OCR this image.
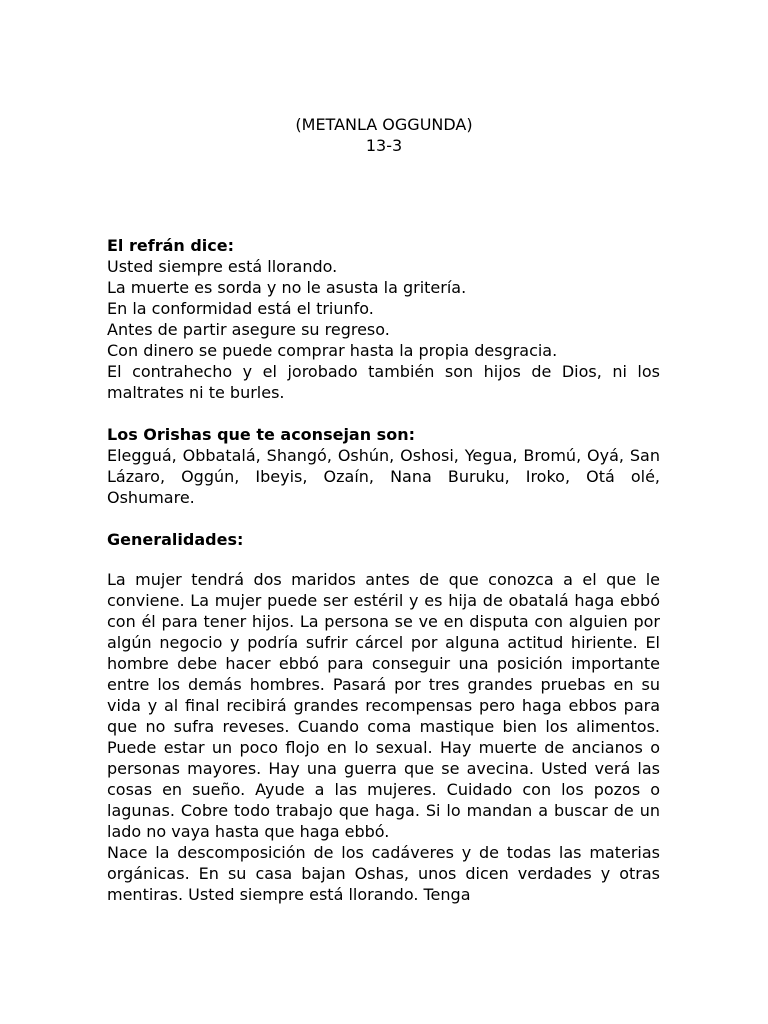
(METANLA OGGUNDA)
13-3
El refrán dice:
Usted siempre está llorando.
La muerte es sorda y no le asusta la gritería.
En la conformidad está el triunfo.
Antes de partir asegure su regreso.
Con dinero se puede comprar hasta la propia desgracia.
El contrahecho y el jorobado también son hijos de Dios, ni los maltrates ni te burles.
Los Orishas que te aconsejan son:
Elegguá, Obbatalá, Shangó, Oshún, Oshosi, Yegua, Bromú, Oyá, San Lázaro, Oggún, Ibeyis, Ozaín, Nana Buruku, Iroko, Otá olé, Oshumare.
Generalidades:
La mujer tendrá dos maridos antes de que conozca a el que le conviene. La mujer puede ser estéril y es hija de obatalá haga ebbó con él para tener hijos. La persona se ve en disputa con alguien por algún negocio y podría sufrir cárcel por alguna actitud hiriente. El hombre debe hacer ebbó para conseguir una posición importante entre los demás hombres. Pasará por tres grandes pruebas en su vida y al final recibirá grandes recompensas pero haga ebbos para que no sufra reveses. Cuando coma mastique bien los alimentos. Puede estar un poco flojo en lo sexual. Hay muerte de ancianos o personas mayores. Hay una guerra que se avecina. Usted verá las cosas en sueño. Ayude a las mujeres. Cuidado con los pozos o lagunas. Cobre todo trabajo que haga. Si lo mandan a buscar de un lado no vaya hasta que haga ebbó.
Nace la descomposición de los cadáveres y de todas las materias orgánicas. En su casa bajan Oshas, unos dicen verdades y otras mentiras. Usted siempre está llorando. Tenga
